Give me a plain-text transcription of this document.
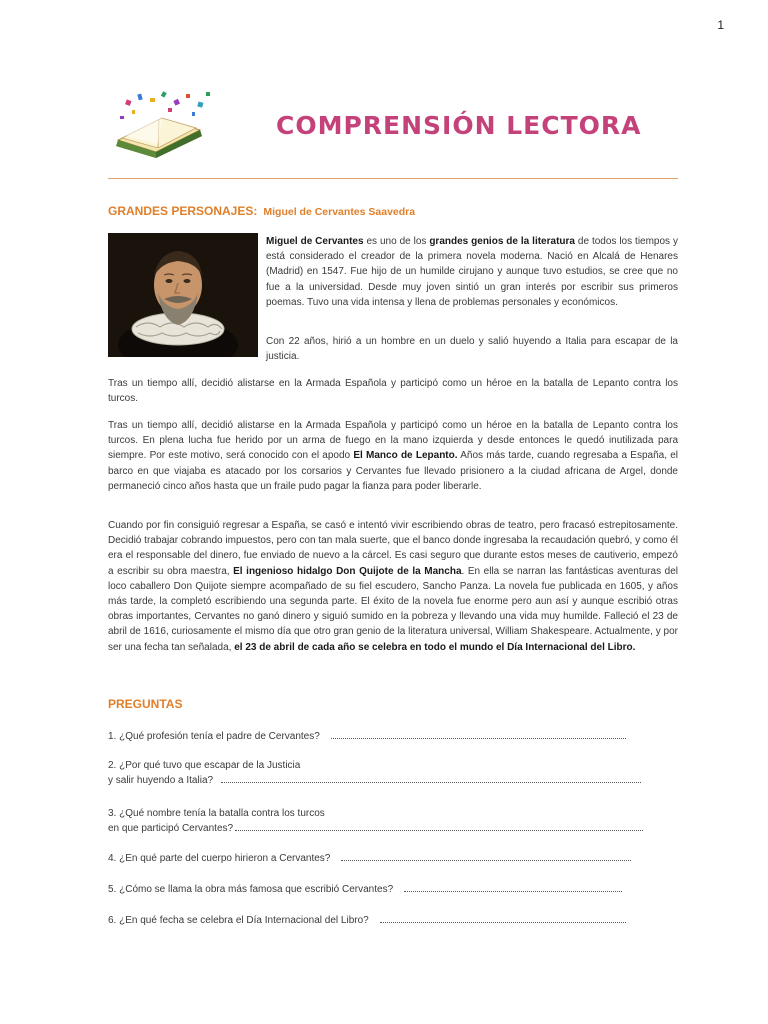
1
COMPRENSIÓN LECTORA
GRANDES PERSONAJES: Miguel de Cervantes Saavedra

Miguel de Cervantes es uno de los grandes genios de la literatura de todos los tiempos y está considerado el creador de la primera novela moderna. Nació en Alcalá de Henares (Madrid) en 1547. Fue hijo de un humilde cirujano y aunque tuvo estudios, se cree que no fue a la universidad. Desde muy joven sintió un gran interés por escribir sus primeros poemas. Tuvo una vida intensa y llena de problemas personales y económicos.

Con 22 años, hirió a un hombre en un duelo y salió huyendo a Italia para escapar de la justicia.

Tras un tiempo allí, decidió alistarse en la Armada Española y participó como un héroe en la batalla de Lepanto contra los turcos.

Tras un tiempo allí, decidió alistarse en la Armada Española y participó como un héroe en la batalla de Lepanto contra los turcos. En plena lucha fue herido por un arma de fuego en la mano izquierda y desde entonces le quedó inutilizada para siempre. Por este motivo, será conocido con el apodo El Manco de Lepanto. Años más tarde, cuando regresaba a España, el barco en que viajaba es atacado por los corsarios y Cervantes fue llevado prisionero a la ciudad africana de Argel, donde permaneció cinco años hasta que un fraile pudo pagar la fianza para poder liberarle.

Cuando por fin consiguió regresar a España, se casó e intentó vivir escribiendo obras de teatro, pero fracasó estrepitosamente. Decidió trabajar cobrando impuestos, pero con tan mala suerte, que el banco donde ingresaba la recaudación quebró, y como él era el responsable del dinero, fue enviado de nuevo a la cárcel. Es casi seguro que durante estos meses de cautiverio, empezó a escribir su obra maestra, El ingenioso hidalgo Don Quijote de la Mancha. En ella se narran las fantásticas aventuras del loco caballero Don Quijote siempre acompañado de su fiel escudero, Sancho Panza. La novela fue publicada en 1605, y años más tarde, la completó escribiendo una segunda parte. El éxito de la novela fue enorme pero aun así y aunque escribió otras obras importantes, Cervantes no ganó dinero y siguió sumido en la pobreza y llevando una vida muy humilde. Falleció el 23 de abril de 1616, curiosamente el mismo día que otro gran genio de la literatura universal, William Shakespeare. Actualmente, y por ser una fecha tan señalada, el 23 de abril de cada año se celebra en todo el mundo el Día Internacional del Libro.

PREGUNTAS
1. ¿Qué profesión tenía el padre de Cervantes?
2. ¿Por qué tuvo que escapar de la Justicia
y salir huyendo a Italia?
3. ¿Qué nombre tenía la batalla contra los turcos
en que participó Cervantes?
4. ¿En qué parte del cuerpo hirieron a Cervantes?
5. ¿Cómo se llama la obra más famosa que escribió Cervantes?
6. ¿En qué fecha se celebra el Día Internacional del Libro?
